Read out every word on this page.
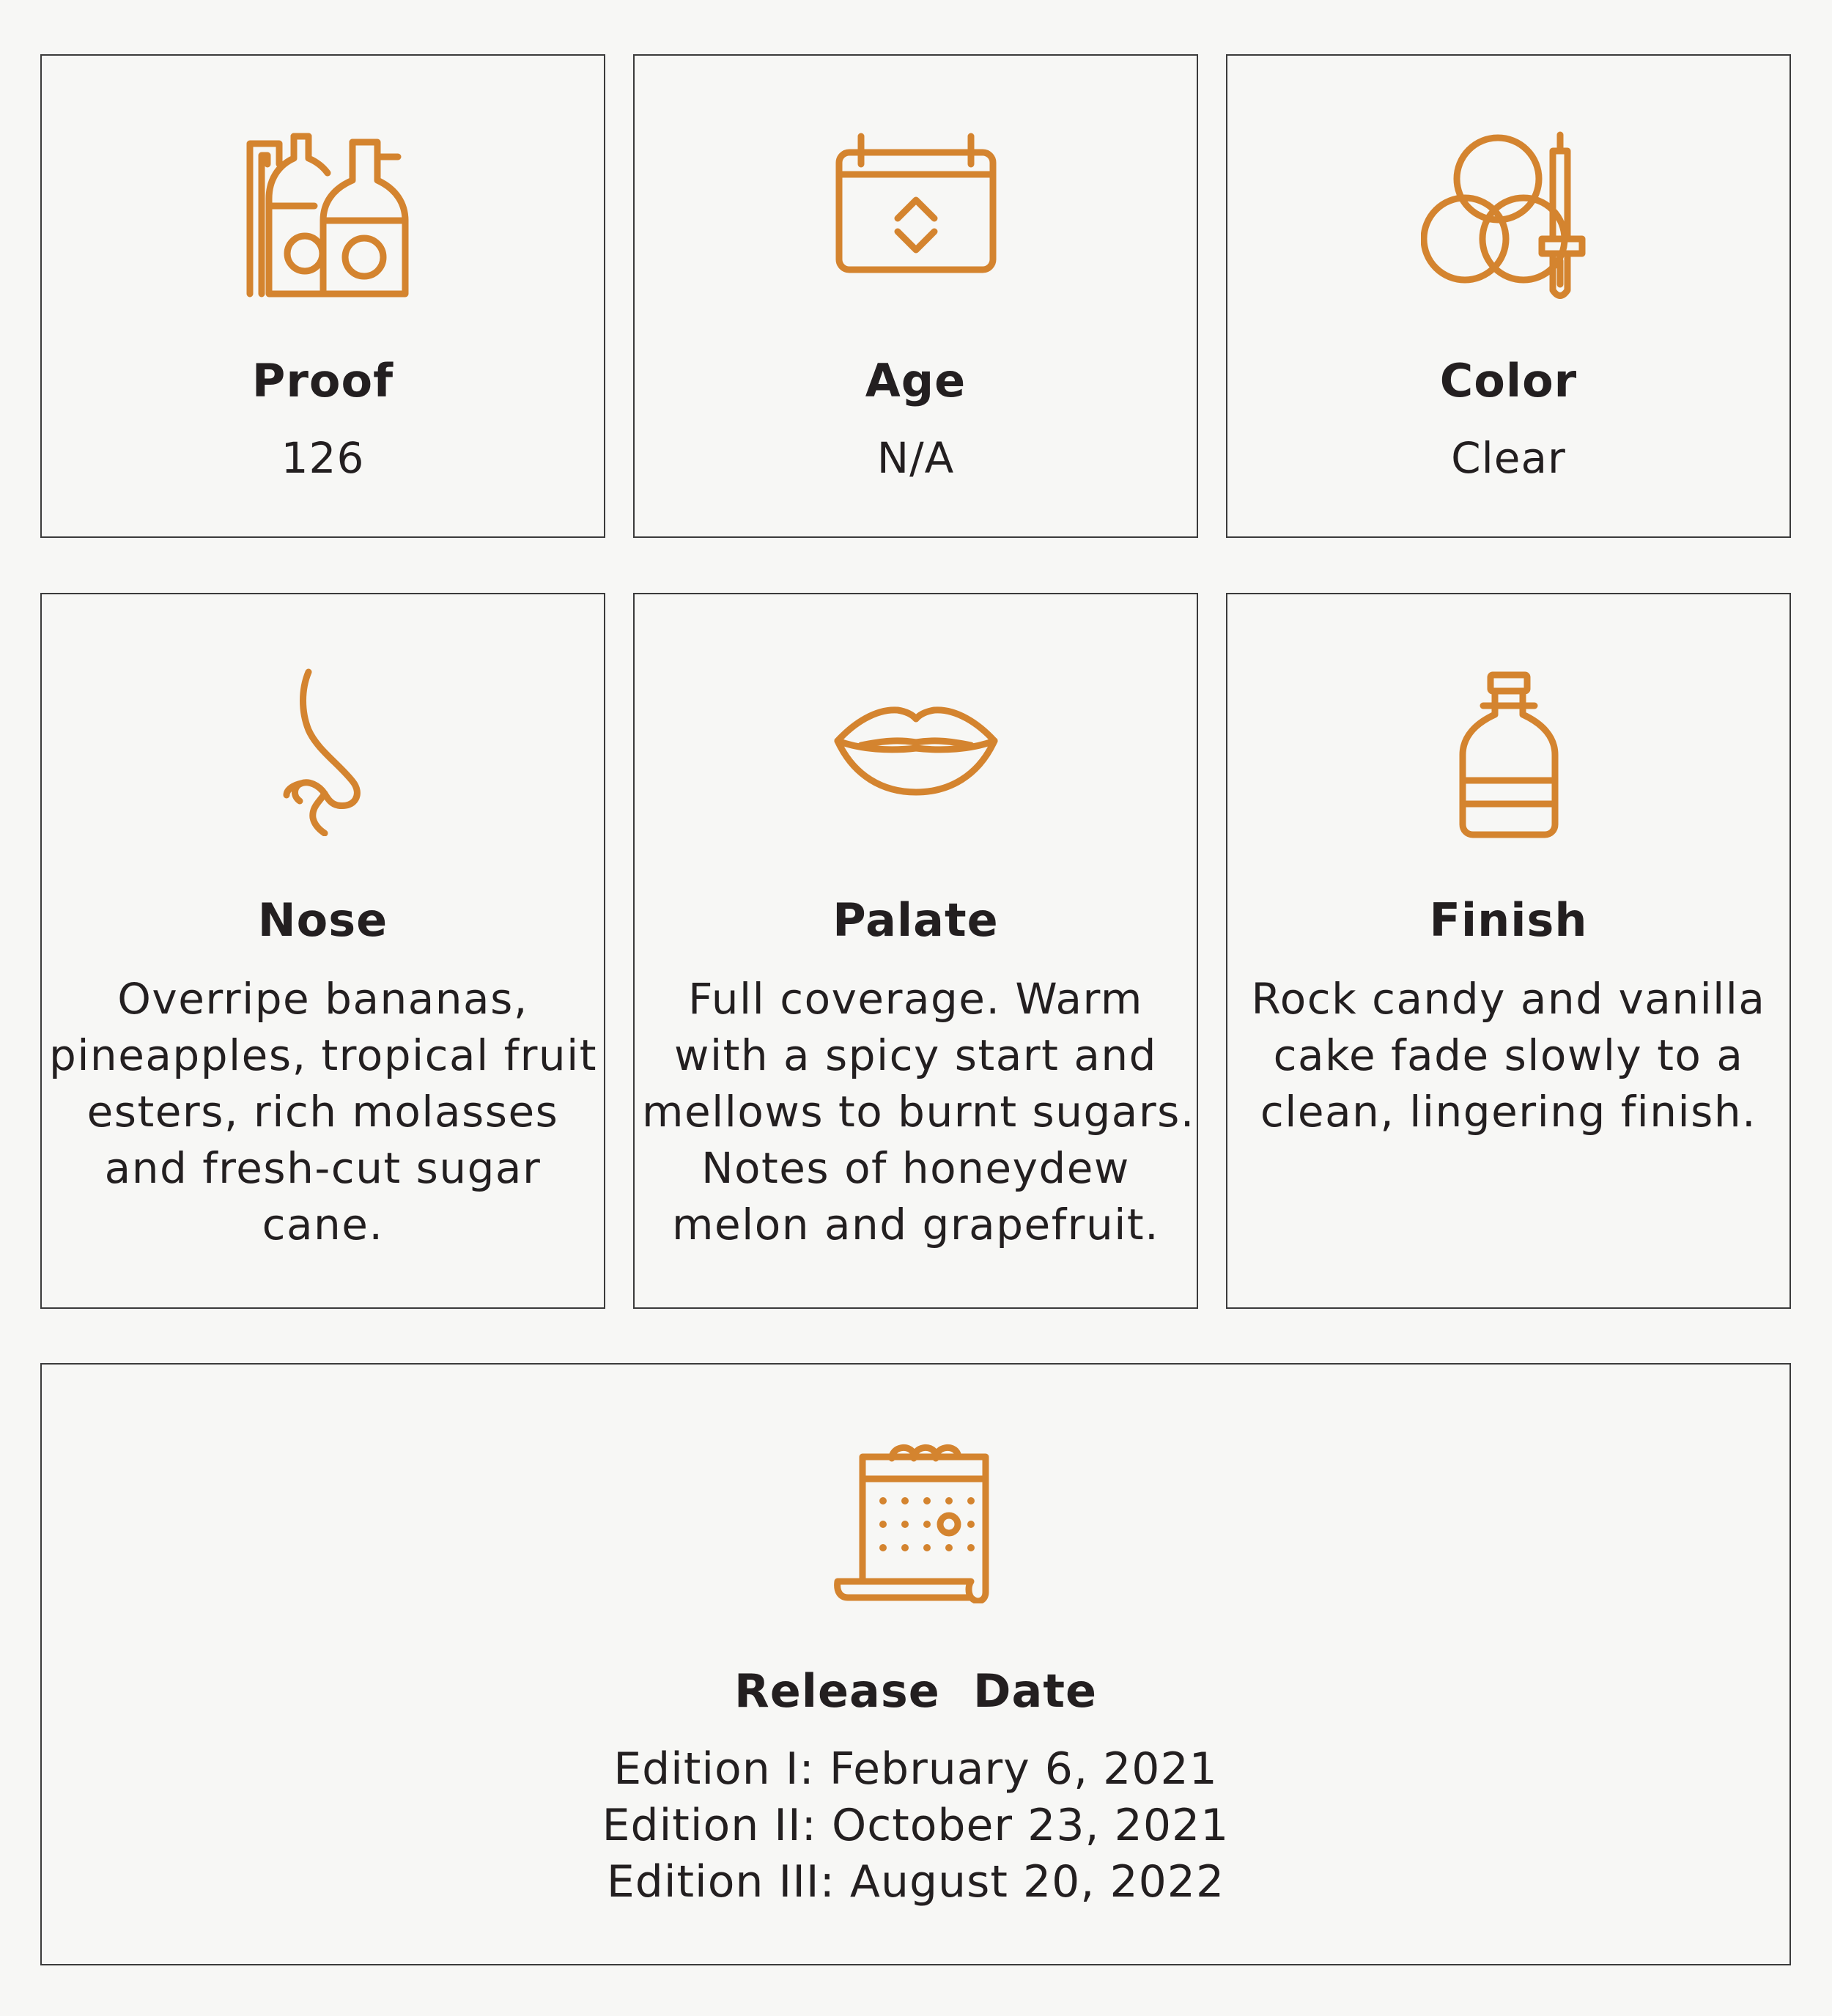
Proof
126
Age
N/A
Color
Clear
Nose
Overripe bananas,
pineapples, tropical fruit
esters, rich molasses
and fresh-cut sugar
cane.
Palate
Full coverage. Warm
with a spicy start and
mellows to burnt sugars.
Notes of honeydew
melon and grapefruit.
Finish
Rock candy and vanilla
cake fade slowly to a
clean, lingering finish.
Release  Date
Edition I: February 6, 2021
Edition II: October 23, 2021
Edition III: August 20, 2022
